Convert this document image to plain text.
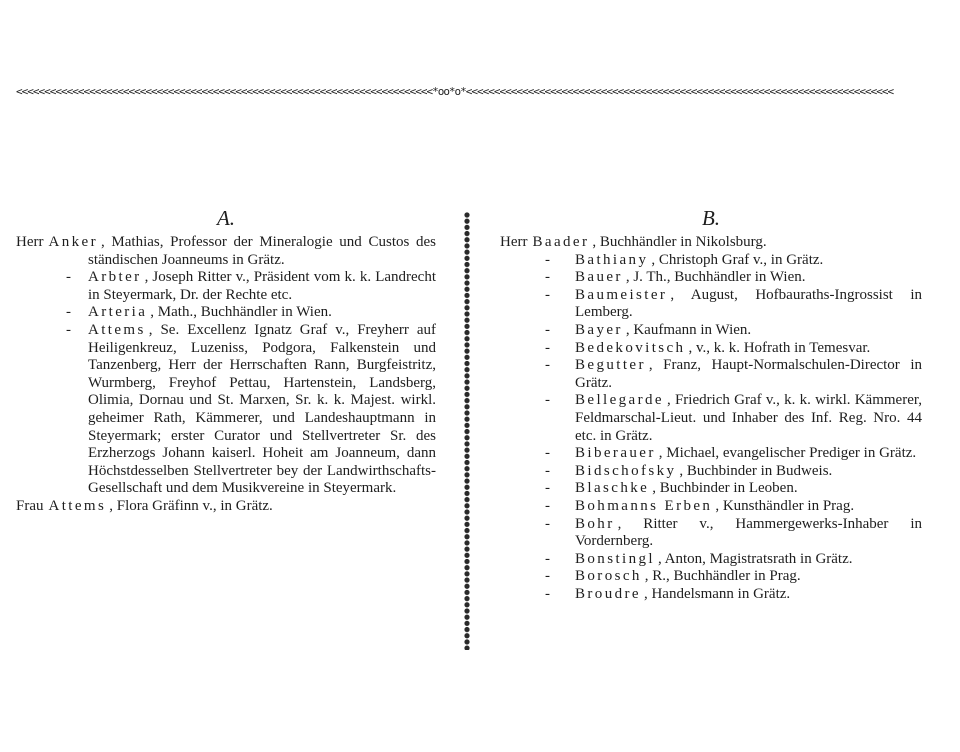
<<<<<<<<<<<<<<<<<<<<<<<<<<<<<<<<<<<<<<<<<<<<<<<<<<<<<<<<<<<<<<<<<<<<<<<<<<*oo*o*<<<<<<<<<<<<<<<<<<<<<<<<<<<<<<<<<<<<<<<<<<<<<<<<<<<<<<<<<<<<<<<<<<<<<<<<<<<<
A.
Herr Anker , Mathias, Professor der Mineralogie und Custos des ständischen Joanneums in Grätz.
- Arbter , Joseph Ritter v., Präsident vom k. k. Landrecht in Steyermark, Dr. der Rechte etc.
- Arteria , Math., Buchhändler in Wien.
- Attems , Se. Excellenz Ignatz Graf v., Freyherr auf Heiligenkreuz, Luzeniss, Podgora, Falkenstein und Tanzenberg, Herr der Herrschaften Rann, Burgfeistritz, Wurmberg, Freyhof Pettau, Hartenstein, Landsberg, Olimia, Dornau und St. Marxen, Sr. k. k. Majest. wirkl. geheimer Rath, Kämmerer, und Landeshauptmann in Steyermark; erster Curator und Stellvertreter Sr. des Erzherzogs Johann kaiserl. Hoheit am Joanneum, dann Höchstdesselben Stellvertreter bey der Landwirthschafts-Gesellschaft und dem Musikvereine in Steyermark.
Frau Attems , Flora Gräfinn v., in Grätz.
B.
Herr Baader , Buchhändler in Nikolsburg.
- Bathiany , Christoph Graf v., in Grätz.
- Bauer , J. Th., Buchhändler in Wien.
- Baumeister , August, Hofbauraths-Ingrossist in Lemberg.
- Bayer , Kaufmann in Wien.
- Bedekovitsch , v., k. k. Hofrath in Temesvar.
- Begutter , Franz, Haupt-Normalschulen-Director in Grätz.
- Bellegarde , Friedrich Graf v., k. k. wirkl. Kämmerer, Feldmarschal-Lieut. und Inhaber des Inf. Reg. Nro. 44 etc. in Grätz.
- Biberauer , Michael, evangelischer Prediger in Grätz.
- Bidschofsky , Buchbinder in Budweis.
- Blaschke , Buchbinder in Leoben.
- Bohmanns Erben , Kunsthändler in Prag.
- Bohr , Ritter v., Hammergewerks-Inhaber in Vordernberg.
- Bonstingl , Anton, Magistratsrath in Grätz.
- Borosch , R., Buchhändler in Prag.
- Broudre , Handelsmann in Grätz.
